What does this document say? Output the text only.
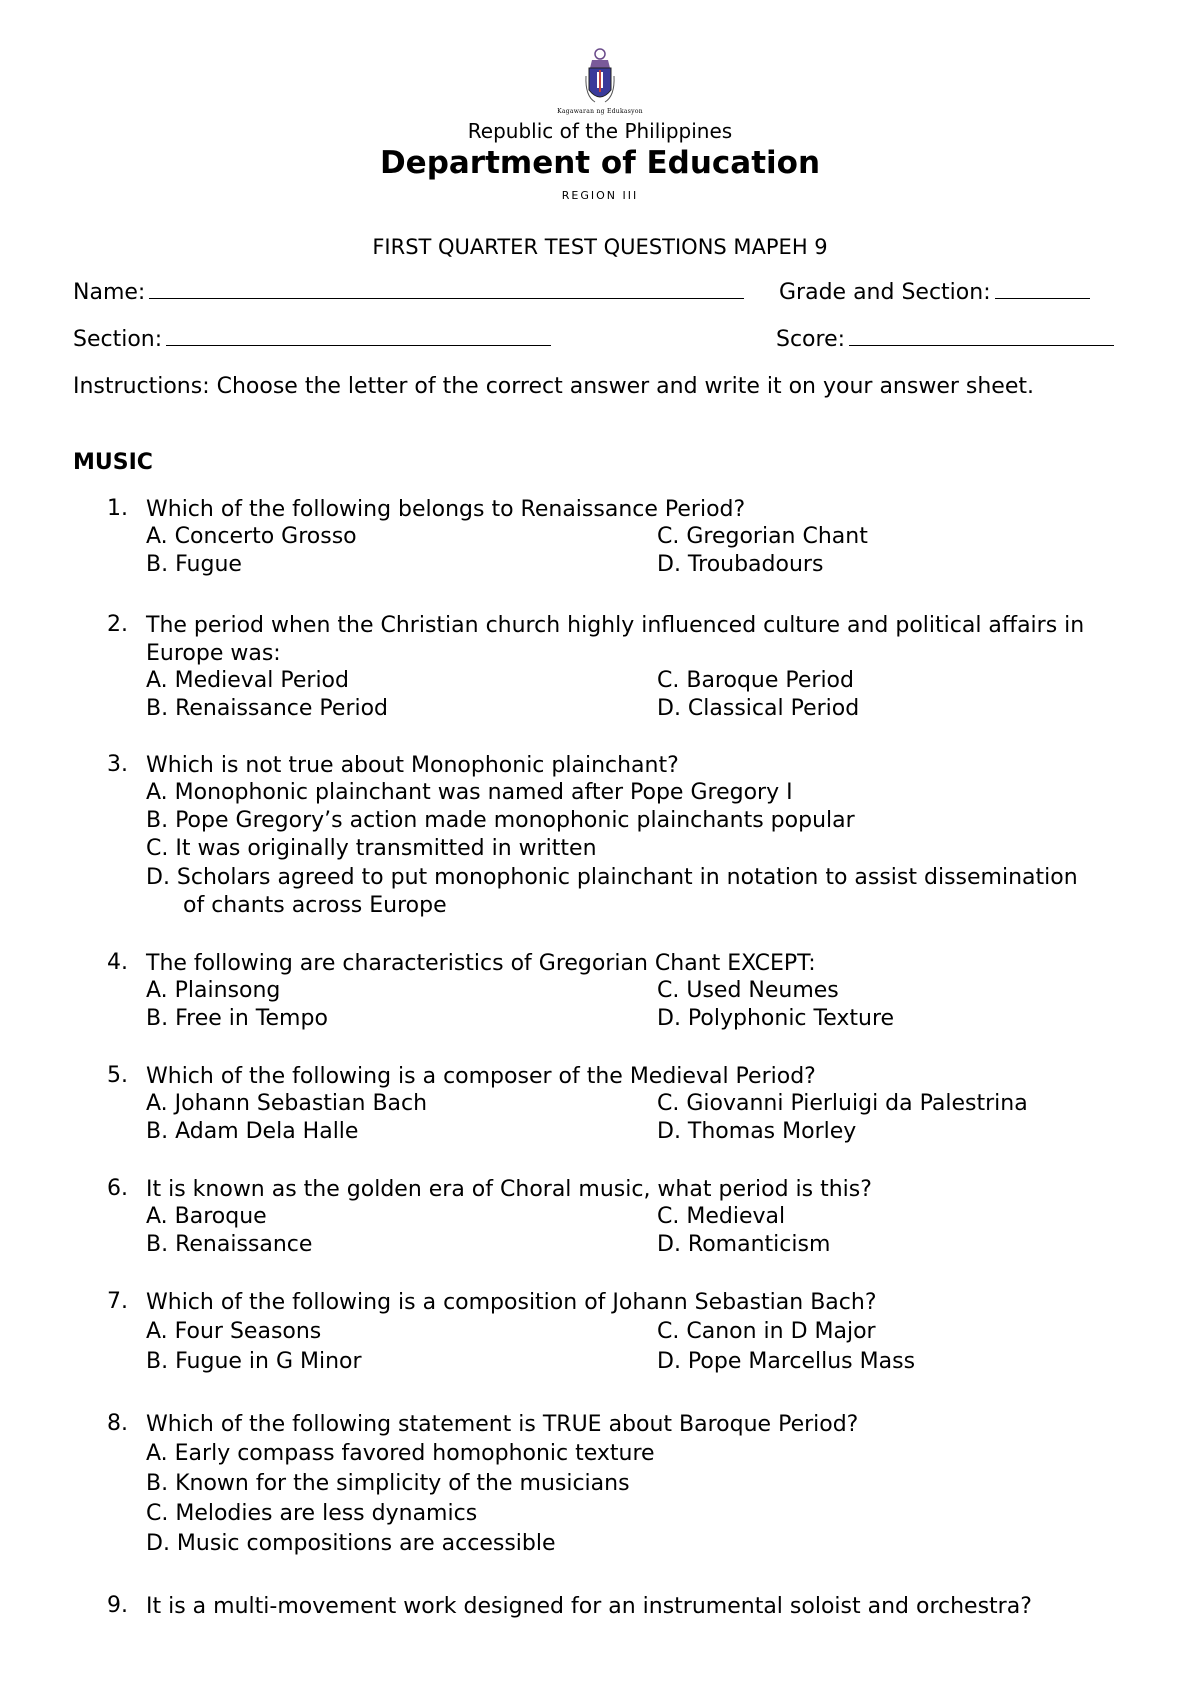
Kagawaran ng Edukasyon
Republic of the Philippines
Department of Education
REGION III
FIRST QUARTER TEST QUESTIONS MAPEH 9
Name:	Grade and Section:
Section:	Score:
Instructions: Choose the letter of the correct answer and write it on your answer sheet.
MUSIC
1. Which of the following belongs to Renaissance Period?
A. Concerto Grosso	C. Gregorian Chant
B. Fugue	D. Troubadours
2. The period when the Christian church highly influenced culture and political affairs in Europe was:
A. Medieval Period	C. Baroque Period
B. Renaissance Period	D. Classical Period
3. Which is not true about Monophonic plainchant?
A. Monophonic plainchant was named after Pope Gregory I
B. Pope Gregory’s action made monophonic plainchants popular
C. It was originally transmitted in written
D. Scholars agreed to put monophonic plainchant in notation to assist dissemination of chants across Europe
4. The following are characteristics of Gregorian Chant EXCEPT:
A. Plainsong	C. Used Neumes
B. Free in Tempo	D. Polyphonic Texture
5. Which of the following is a composer of the Medieval Period?
A. Johann Sebastian Bach	C. Giovanni Pierluigi da Palestrina
B. Adam Dela Halle	D. Thomas Morley
6. It is known as the golden era of Choral music, what period is this?
A. Baroque	C. Medieval
B. Renaissance	D. Romanticism
7. Which of the following is a composition of Johann Sebastian Bach?
A. Four Seasons	C. Canon in D Major
B. Fugue in G Minor	D. Pope Marcellus Mass
8. Which of the following statement is TRUE about Baroque Period?
A. Early compass favored homophonic texture
B. Known for the simplicity of the musicians
C. Melodies are less dynamics
D. Music compositions are accessible
9. It is a multi-movement work designed for an instrumental soloist and orchestra?
